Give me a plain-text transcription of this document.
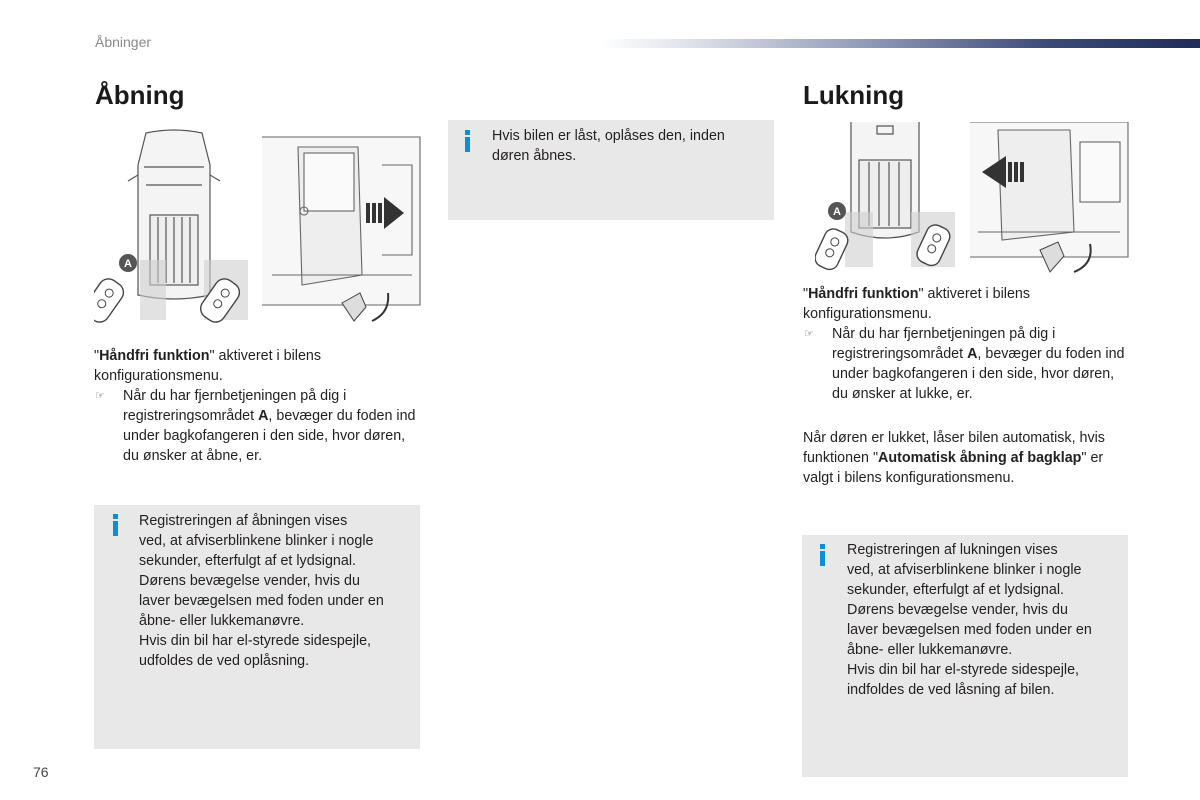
Åbninger
Åbning
A

"Håndfri funktion" aktiveret i bilens konfigurationsmenu.

☞ Når du har fjernbetjeningen på dig i registreringsområdet A, bevæger du foden ind under bagkofangeren i den side, hvor døren, du ønsker at åbne, er.

Registreringen af åbningen vises

ved, at afviserblinkene blinker i nogle

sekunder, efterfulgt af et lydsignal.

Dørens bevægelse vender, hvis du

laver bevægelsen med foden under en

åbne- eller lukkemanøvre.

Hvis din bil har el-styrede sidespejle,

udfoldes de ved oplåsning.

Hvis bilen er låst, oplåses den, inden

døren åbnes.

Lukning
A

"Håndfri funktion" aktiveret i bilens konfigurationsmenu.

☞ Når du har fjernbetjeningen på dig i registreringsområdet A, bevæger du foden ind under bagkofangeren i den side, hvor døren, du ønsker at lukke, er.

Når døren er lukket, låser bilen automatisk, hvis funktionen "Automatisk åbning af bagklap" er valgt i bilens konfigurationsmenu.

Registreringen af lukningen vises

ved, at afviserblinkene blinker i nogle

sekunder, efterfulgt af et lydsignal.

Dørens bevægelse vender, hvis du

laver bevægelsen med foden under en

åbne- eller lukkemanøvre.

Hvis din bil har el-styrede sidespejle,

indfoldes de ved låsning af bilen.

76
